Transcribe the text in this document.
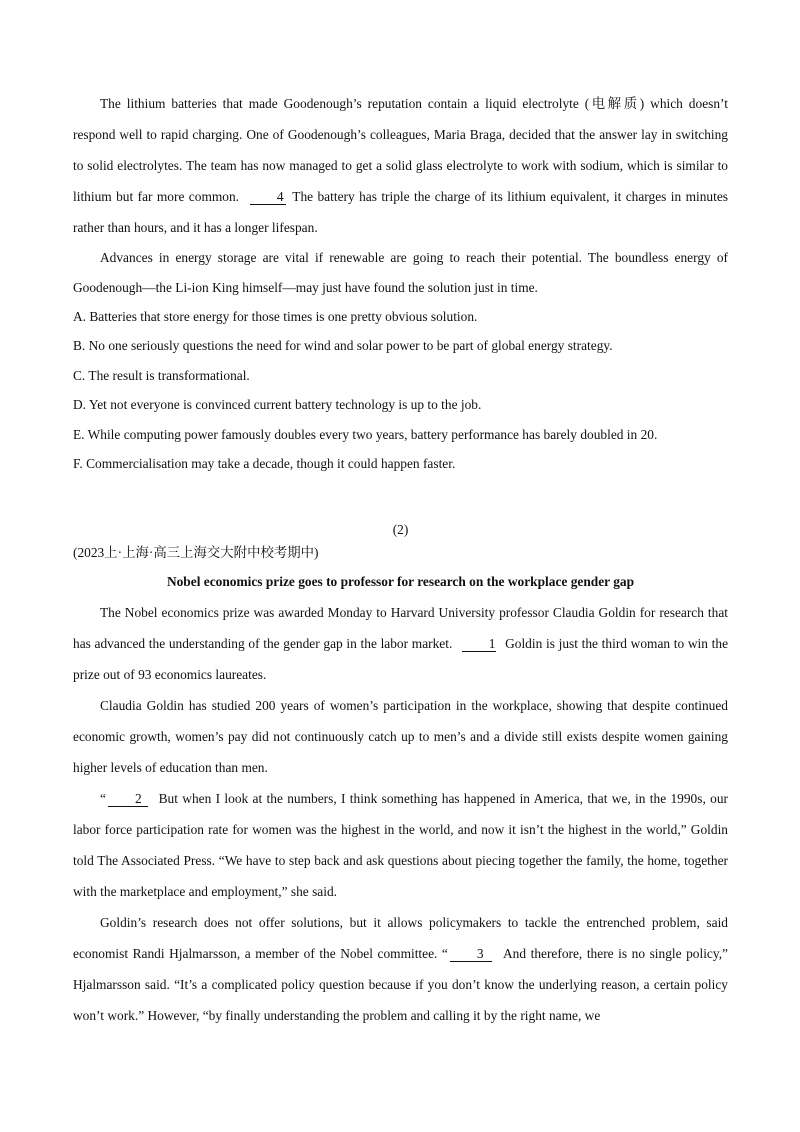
The lithium batteries that made Goodenough’s reputation contain a liquid electrolyte (电解质) which doesn’t respond well to rapid charging. One of Goodenough’s colleagues, Maria Braga, decided that the answer lay in switching to solid electrolytes. The team has now managed to get a solid glass electrolyte to work with sodium, which is similar to lithium but far more common.	4 The battery has triple the charge of its lithium equivalent, it charges in minutes rather than hours, and it has a longer lifespan.

Advances in energy storage are vital if renewable are going to reach their potential. The boundless energy of Goodenough—the Li-ion King himself—may just have found the solution just in time.

A. Batteries that store energy for those times is one pretty obvious solution.

B. No one seriously questions the need for wind and solar power to be part of global energy strategy.

C. The result is transformational.

D. Yet not everyone is convinced current battery technology is up to the job.

E. While computing power famously doubles every two years, battery performance has barely doubled in 20.

F. Commercialisation may take a decade, though it could happen faster.

(2)

(2023上·上海·高三上海交大附中校考期中)

Nobel economics prize goes to professor for research on the workplace gender gap

The Nobel economics prize was awarded Monday to Harvard University professor Claudia Goldin for research that has advanced the understanding of the gender gap in the labor market.	1 Goldin is just the third woman to win the prize out of 93 economics laureates.

Claudia Goldin has studied 200 years of women’s participation in the workplace, showing that despite continued economic growth, women’s pay did not continuously catch up to men’s and a divide still exists despite women gaining higher levels of education than men.

“ 2 But when I look at the numbers, I think something has happened in America, that we, in the 1990s, our labor force participation rate for women was the highest in the world, and now it isn’t the highest in the world,” Goldin told The Associated Press. “We have to step back and ask questions about piecing together the family, the home, together with the marketplace and employment,” she said.

Goldin’s research does not offer solutions, but it allows policymakers to tackle the entrenched problem, said economist Randi Hjalmarsson, a member of the Nobel committee. “ 3 And therefore, there is no single policy,” Hjalmarsson said. “It’s a complicated policy question because if you don’t know the underlying reason, a certain policy won’t work.” However, “by finally understanding the problem and calling it by the right name, we
